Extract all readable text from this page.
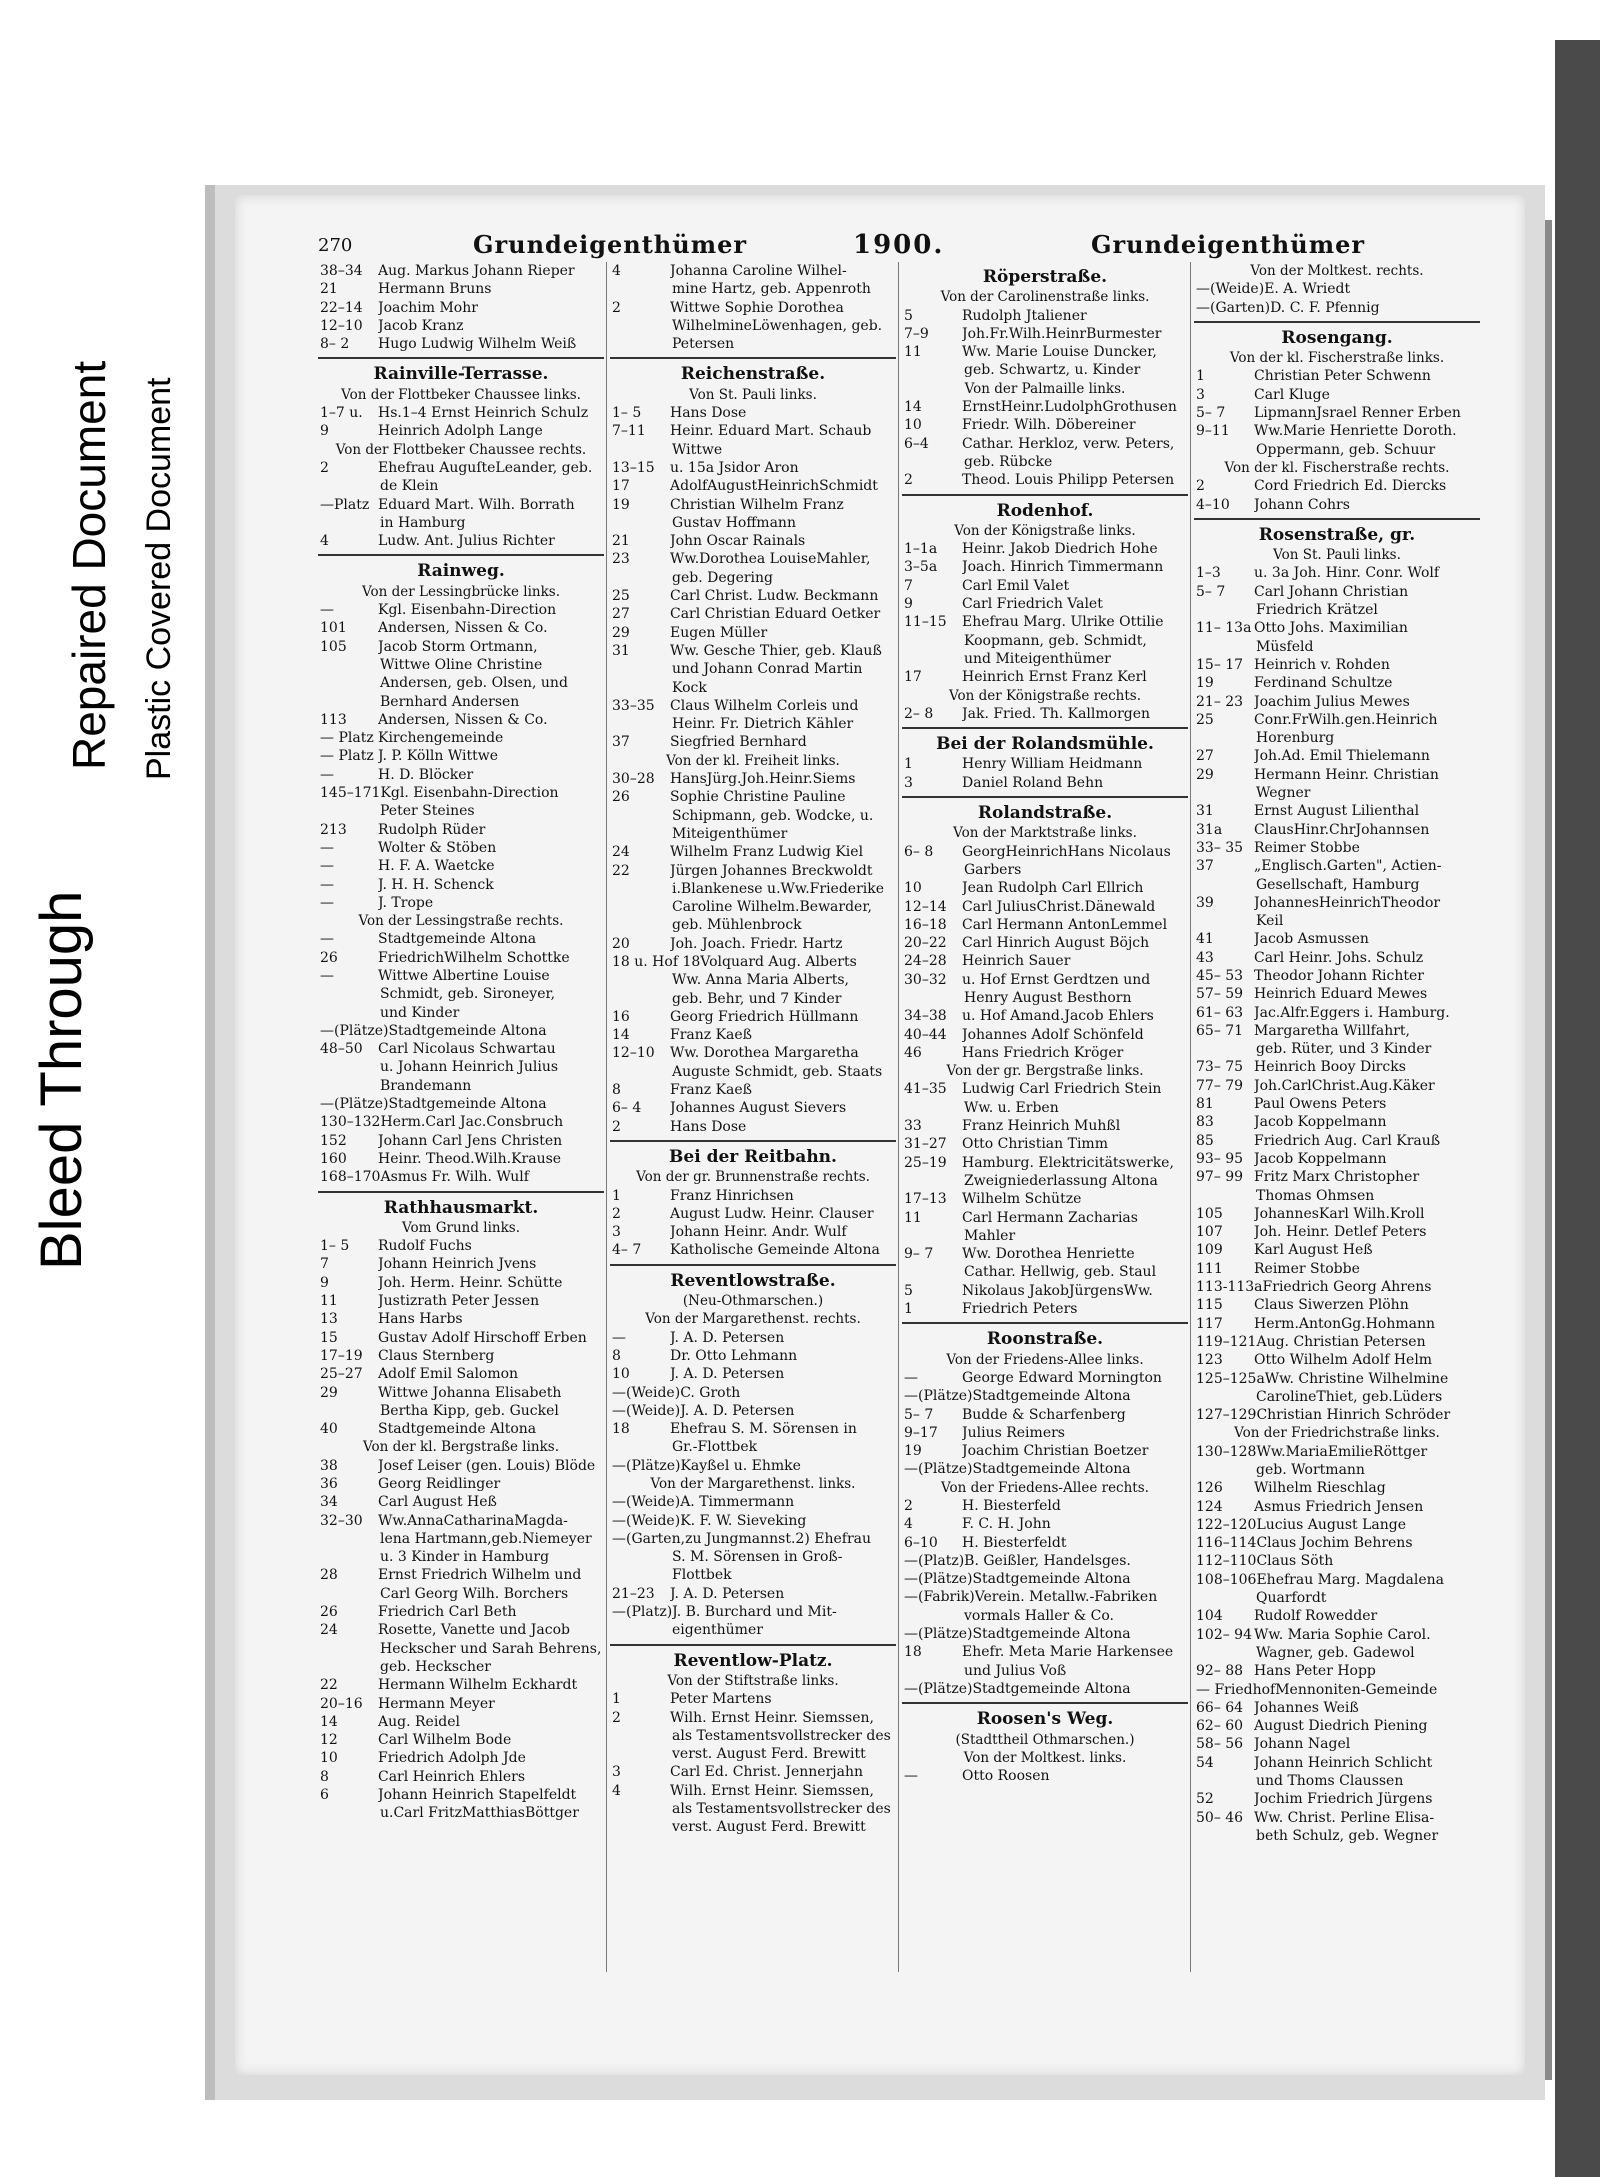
Bleed Through
Repaired Document Plastic Covered Document
270	Grundeigenthümer	1900.	Grundeigenthümer
38–34	Aug. Markus Johann Rieper
21	Hermann Bruns
22–14	Joachim Mohr
12–10	Jacob Kranz
8– 2	Hugo Ludwig Wilhelm Weiß
Rainville-Terrasse.
Von der Flottbeker Chaussee links.
1–7 u.	Hs.1–4 Ernst Heinrich Schulz
9	Heinrich Adolph Lange
Von der Flottbeker Chaussee rechts.
2	Ehefrau AuguſteLeander, geb.
de Klein
—Platz Eduard Mart. Wilh. Borrath
in Hamburg
4	Ludw. Ant. Julius Richter
Rainweg.
Von der Lessingbrücke links.
—	Kgl. Eisenbahn-Direction
101	Andersen, Nissen & Co.
105	Jacob Storm Ortmann,
Wittwe Oline Christine
Andersen, geb. Olsen, und
Bernhard Andersen
113	Andersen, Nissen & Co.
— Platz Kirchengemeinde
— Platz J. P. Kölln Wittwe
—	H. D. Blöcker
145–171 Kgl. Eisenbahn-Direction
Peter Steines
213	Rudolph Rüder
—	Wolter & Stöben
—	H. F. A. Waetcke
—	J. H. H. Schenck
—	J. Trope
Von der Lessingstraße rechts.
—	Stadtgemeinde Altona
26	FriedrichWilhelm Schottke
—	Wittwe Albertine Louise
Schmidt, geb. Sironeyer,
und Kinder
—(Plätze) Stadtgemeinde Altona
48–50	Carl Nicolaus Schwartau
u. Johann Heinrich Julius
Brandemann
—(Plätze) Stadtgemeinde Altona
130–132 Herm.Carl Jac.Consbruch
152	Johann Carl Jens Christen
160	Heinr. Theod.Wilh.Krause
168–170 Asmus Fr. Wilh. Wulf
Rathhausmarkt.
Vom Grund links.
1– 5	Rudolf Fuchs
7	Johann Heinrich Jvens
9	Joh. Herm. Heinr. Schütte
11	Justizrath Peter Jessen
13	Hans Harbs
15	Gustav Adolf Hirschoff Erben
17–19	Claus Sternberg
25–27	Adolf Emil Salomon
29	Wittwe Johanna Elisabeth
Bertha Kipp, geb. Guckel
40	Stadtgemeinde Altona
Von der kl. Bergstraße links.
38	Josef Leiser (gen. Louis) Blöde
36	Georg Reidlinger
34	Carl August Heß
32–30	Ww.AnnaCatharinaMagda-
lena Hartmann,geb.Niemeyer
u. 3 Kinder in Hamburg
28	Ernst Friedrich Wilhelm und
Carl Georg Wilh. Borchers
26	Friedrich Carl Beth
24	Rosette, Vanette und Jacob
Heckscher und Sarah Behrens,
geb. Heckscher
22	Hermann Wilhelm Eckhardt
20–16	Hermann Meyer
14	Aug. Reidel
12	Carl Wilhelm Bode
10	Friedrich Adolph Jde
8	Carl Heinrich Ehlers
6	Johann Heinrich Stapelfeldt
u.Carl FritzMatthiasBöttger
4	Johanna Caroline Wilhel-
mine Hartz, geb. Appenroth
2	Wittwe Sophie Dorothea
WilhelmineLöwenhagen, geb.
Petersen
Reichenstraße.
Von St. Pauli links.
1– 5	Hans Dose
7–11	Heinr. Eduard Mart. Schaub
Wittwe
13–15	u. 15a Jsidor Aron
17	AdolfAugustHeinrichSchmidt
19	Christian Wilhelm Franz
Gustav Hoffmann
21	John Oscar Rainals
23	Ww.Dorothea LouiseMahler,
geb. Degering
25	Carl Christ. Ludw. Beckmann
27	Carl Christian Eduard Oetker
29	Eugen Müller
31	Ww. Gesche Thier, geb. Klauß
und Johann Conrad Martin
Kock
33–35	Claus Wilhelm Corleis und
Heinr. Fr. Dietrich Kähler
37	Siegfried Bernhard
Von der kl. Freiheit links.
30–28	HansJürg.Joh.Heinr.Siems
26	Sophie Christine Pauline
Schipmann, geb. Wodcke, u.
Miteigenthümer
24	Wilhelm Franz Ludwig Kiel
22	Jürgen Johannes Breckwoldt
i.Blankenese u.Ww.Friederike
Caroline Wilhelm.Bewarder,
geb. Mühlenbrock
20	Joh. Joach. Friedr. Hartz
18 u. Hof 18 Volquard Aug. Alberts
Ww. Anna Maria Alberts,
geb. Behr, und 7 Kinder
16	Georg Friedrich Hüllmann
14	Franz Kaeß
12–10	Ww. Dorothea Margaretha
Auguste Schmidt, geb. Staats
8	Franz Kaeß
6– 4	Johannes August Sievers
2	Hans Dose
Bei der Reitbahn.
Von der gr. Brunnenstraße rechts.
1	Franz Hinrichsen
2	August Ludw. Heinr. Clauser
3	Johann Heinr. Andr. Wulf
4– 7	Katholische Gemeinde Altona
Reventlowstraße.
(Neu-Othmarschen.)
Von der Margarethenst. rechts.
—	J. A. D. Petersen
8	Dr. Otto Lehmann
10	J. A. D. Petersen
—(Weide) C. Groth
—(Weide) J. A. D. Petersen
18	Ehefrau S. M. Sörensen in
Gr.-Flottbek
—(Plätze) Kayßel u. Ehmke
Von der Margarethenst. links.
—(Weide) A. Timmermann
—(Weide) K. F. W. Sieveking
—(Garten, zu Jungmannst.2) Ehefrau
S. M. Sörensen in Groß-
Flottbek
21–23	J. A. D. Petersen
—(Platz) J. B. Burchard und Mit-
eigenthümer
Reventlow-Platz.
Von der Stiftstraße links.
1	Peter Martens
2	Wilh. Ernst Heinr. Siemssen,
als Testamentsvollstrecker des
verst. August Ferd. Brewitt
3	Carl Ed. Christ. Jennerjahn
4	Wilh. Ernst Heinr. Siemssen,
als Testamentsvollstrecker des
verst. August Ferd. Brewitt
Röperstraße.
Von der Carolinenstraße links.
5	Rudolph Jtaliener
7–9	Joh.Fr.Wilh.HeinrBurmester
11	Ww. Marie Louise Duncker,
geb. Schwartz, u. Kinder
Von der Palmaille links.
14	ErnstHeinr.LudolphGrothusen
10	Friedr. Wilh. Döbereiner
6–4	Cathar. Herkloz, verw. Peters,
geb. Rübcke
2	Theod. Louis Philipp Petersen
Rodenhof.
Von der Königstraße links.
1–1a	Heinr. Jakob Diedrich Hohe
3–5a	Joach. Hinrich Timmermann
7	Carl Emil Valet
9	Carl Friedrich Valet
11–15	Ehefrau Marg. Ulrike Ottilie
Koopmann, geb. Schmidt,
und Miteigenthümer
17	Heinrich Ernst Franz Kerl
Von der Königstraße rechts.
2– 8	Jak. Fried. Th. Kallmorgen
Bei der Rolandsmühle.
1	Henry William Heidmann
3	Daniel Roland Behn
Rolandstraße.
Von der Marktstraße links.
6– 8	GeorgHeinrichHans Nicolaus
Garbers
10	Jean Rudolph Carl Ellrich
12–14	Carl JuliusChrist.Dänewald
16–18	Carl Hermann AntonLemmel
20–22	Carl Hinrich August Böjch
24–28	Heinrich Sauer
30–32	u. Hof Ernst Gerdtzen und
Henry August Besthorn
34–38	u. Hof Amand.Jacob Ehlers
40–44	Johannes Adolf Schönfeld
46	Hans Friedrich Kröger
Von der gr. Bergstraße links.
41–35	Ludwig Carl Friedrich Stein
Ww. u. Erben
33	Franz Heinrich Muhßl
31–27	Otto Christian Timm
25–19	Hamburg. Elektricitätswerke,
Zweigniederlassung Altona
17–13	Wilhelm Schütze
11	Carl Hermann Zacharias
Mahler
9– 7	Ww. Dorothea Henriette
Cathar. Hellwig, geb. Staul
5	Nikolaus JakobJürgensWw.
1	Friedrich Peters
Roonstraße.
Von der Friedens-Allee links.
—	George Edward Mornington
—(Plätze) Stadtgemeinde Altona
5– 7	Budde & Scharfenberg
9–17	Julius Reimers
19	Joachim Christian Boetzer
—(Plätze) Stadtgemeinde Altona
Von der Friedens-Allee rechts.
2	H. Biesterfeld
4	F. C. H. John
6–10	H. Biesterfeldt
—(Platz) B. Geißler, Handelsges.
—(Plätze) Stadtgemeinde Altona
—(Fabrik) Verein. Metallw.-Fabriken
vormals Haller & Co.
—(Plätze) Stadtgemeinde Altona
18	Ehefr. Meta Marie Harkensee
und Julius Voß
—(Plätze) Stadtgemeinde Altona
Roosen's Weg.
(Stadttheil Othmarschen.)
Von der Moltkest. links.
—	Otto Roosen
Von der Moltkest. rechts.
—(Weide) E. A. Wriedt
—(Garten) D. C. F. Pfennig
Rosengang.
Von der kl. Fischerstraße links.
1	Christian Peter Schwenn
3	Carl Kluge
5– 7	LipmannJsrael Renner Erben
9–11	Ww.Marie Henriette Doroth.
Oppermann, geb. Schuur
Von der kl. Fischerstraße rechts.
2	Cord Friedrich Ed. Diercks
4–10	Johann Cohrs
Rosenstraße, gr.
Von St. Pauli links.
1–3	u. 3a Joh. Hinr. Conr. Wolf
5– 7	Carl Johann Christian
Friedrich Krätzel
11– 13a Otto Johs. Maximilian
Müsfeld
15– 17 Heinrich v. Rohden
19	Ferdinand Schultze
21– 23 Joachim Julius Mewes
25	Conr.FrWilh.gen.Heinrich
Horenburg
27	Joh.Ad. Emil Thielemann
29	Hermann Heinr. Christian
Wegner
31	Ernst August Lilienthal
31a	ClausHinr.ChrJohannsen
33– 35 Reimer Stobbe
37	„Englisch.Garten", Actien-
Gesellschaft, Hamburg
39	JohannesHeinrichTheodor
Keil
41	Jacob Asmussen
43	Carl Heinr. Johs. Schulz
45– 53 Theodor Johann Richter
57– 59 Heinrich Eduard Mewes
61– 63 Jac.Alfr.Eggers i. Hamburg.
65– 71 Margaretha Willfahrt,
geb. Rüter, und 3 Kinder
73– 75 Heinrich Booy Dircks
77– 79 Joh.CarlChrist.Aug.Käker
81	Paul Owens Peters
83	Jacob Koppelmann
85	Friedrich Aug. Carl Krauß
93– 95 Jacob Koppelmann
97– 99 Fritz Marx Christopher
Thomas Ohmsen
105	JohannesKarl Wilh.Kroll
107	Joh. Heinr. Detlef Peters
109	Karl August Heß
111	Reimer Stobbe
113-113a Friedrich Georg Ahrens
115	Claus Siwerzen Plöhn
117	Herm.AntonGg.Hohmann
119–121 Aug. Christian Petersen
123	Otto Wilhelm Adolf Helm
125–125a Ww. Christine Wilhelmine
CarolineThiet, geb.Lüders
127–129 Christian Hinrich Schröder
Von der Friedrichstraße links.
130–128 Ww.MariaEmilieRöttger
geb. Wortmann
126	Wilhelm Rieschlag
124	Asmus Friedrich Jensen
122–120 Lucius August Lange
116–114 Claus Jochim Behrens
112–110 Claus Söth
108–106 Ehefrau Marg. Magdalena
Quarfordt
104	Rudolf Rowedder
102– 94 Ww. Maria Sophie Carol.
Wagner, geb. Gadewol
92– 88 Hans Peter Hopp
— Friedhof Mennoniten-Gemeinde
66– 64 Johannes Weiß
62– 60 August Diedrich Piening
58– 56 Johann Nagel
54	Johann Heinrich Schlicht
und Thoms Claussen
52	Jochim Friedrich Jürgens
50– 46 Ww. Christ. Perline Elisa-
beth Schulz, geb. Wegner
